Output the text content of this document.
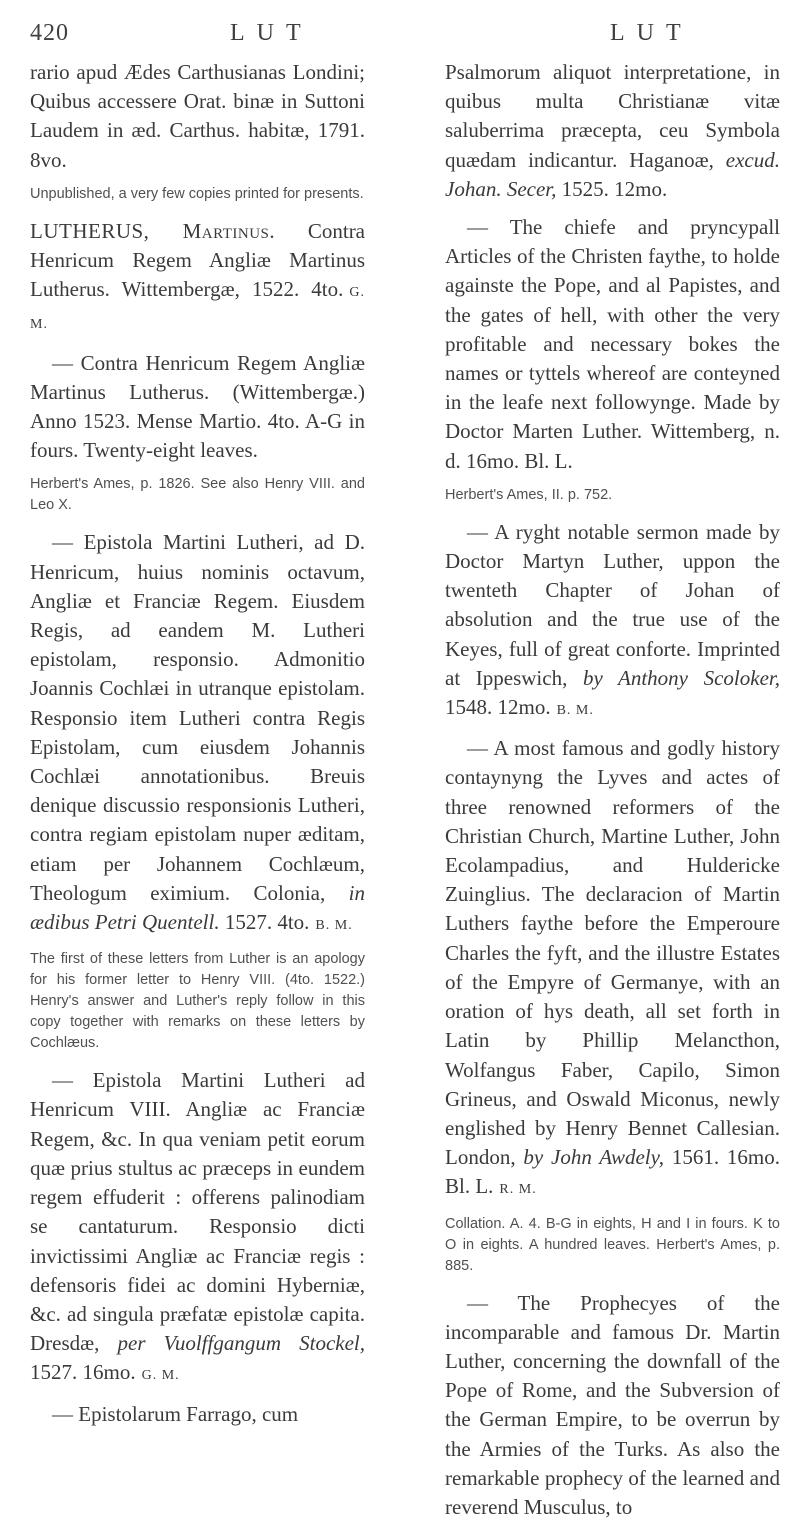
420	LUT	LUT

rario apud Ædes Carthusianas Londini; Quibus accessere Orat. binæ in Suttoni Laudem in æd. Carthus. habitæ, 1791. 8vo.

Unpublished, a very few copies printed for presents.

LUTHERUS, Martinus. Contra Henricum Regem Angliæ Martinus Lutherus. Wittembergæ, 1522. 4to. G. M.

— Contra Henricum Regem Angliæ Martinus Lutherus. (Wittembergæ.) Anno 1523. Mense Martio. 4to. A-G in fours. Twenty-eight leaves.

Herbert's Ames, p. 1826. See also Henry VIII. and Leo X.

— Epistola Martini Lutheri, ad D. Henricum, huius nominis octavum, Angliæ et Franciæ Regem. Eiusdem Regis, ad eandem M. Lutheri epistolam, responsio. Admonitio Joannis Cochlæi in utranque epistolam. Responsio item Lutheri contra Regis Epistolam, cum eiusdem Johannis Cochlæi annotationibus. Breuis denique discussio responsionis Lutheri, contra regiam epistolam nuper æditam, etiam per Johannem Cochlæum, Theologum eximium. Colonia, in ædibus Petri Quentell. 1527. 4to. B. M.

The first of these letters from Luther is an apology for his former letter to Henry VIII. (4to. 1522.) Henry's answer and Luther's reply follow in this copy together with remarks on these letters by Cochlæus.

— Epistola Martini Lutheri ad Henricum VIII. Angliæ ac Franciæ Regem, &c. In qua veniam petit eorum quæ prius stultus ac præceps in eundem regem effuderit : offerens palinodiam se cantaturum. Responsio dicti invictissimi Angliæ ac Franciæ regis : defensoris fidei ac domini Hyberniæ, &c. ad singula præfatæ epistolæ capita. Dresdæ, per Vuolffgangum Stockel, 1527. 16mo. G. M.

— Epistolarum Farrago, cum

Psalmorum aliquot interpretatione, in quibus multa Christianæ vitæ saluberrima præcepta, ceu Symbola quædam indicantur. Haganoæ, excud. Johan. Secer, 1525. 12mo.

— The chiefe and pryncypall Articles of the Christen faythe, to holde againste the Pope, and al Papistes, and the gates of hell, with other the very profitable and necessary bokes the names or tyttels whereof are conteyned in the leafe next followynge. Made by Doctor Marten Luther. Wittemberg, n. d. 16mo. Bl. L.

Herbert's Ames, II. p. 752.

— A ryght notable sermon made by Doctor Martyn Luther, uppon the twenteth Chapter of Johan of absolution and the true use of the Keyes, full of great conforte. Imprinted at Ippeswich, by Anthony Scoloker, 1548. 12mo. B. M.

— A most famous and godly history contaynyng the Lyves and actes of three renowned reformers of the Christian Church, Martine Luther, John Ecolampadius, and Huldericke Zuinglius. The declaracion of Martin Luthers faythe before the Emperoure Charles the fyft, and the illustre Estates of the Empyre of Germanye, with an oration of hys death, all set forth in Latin by Phillip Melancthon, Wolfangus Faber, Capilo, Simon Grineus, and Oswald Miconus, newly englished by Henry Bennet Callesian. London, by John Awdely, 1561. 16mo. Bl. L. R. M.

Collation. A. 4. B-G in eights, H and I in fours. K to O in eights. A hundred leaves. Herbert's Ames, p. 885.

— The Prophecyes of the incomparable and famous Dr. Martin Luther, concerning the downfall of the Pope of Rome, and the Subversion of the German Empire, to be overrun by the Armies of the Turks. As also the remarkable prophecy of the learned and reverend Musculus, to
